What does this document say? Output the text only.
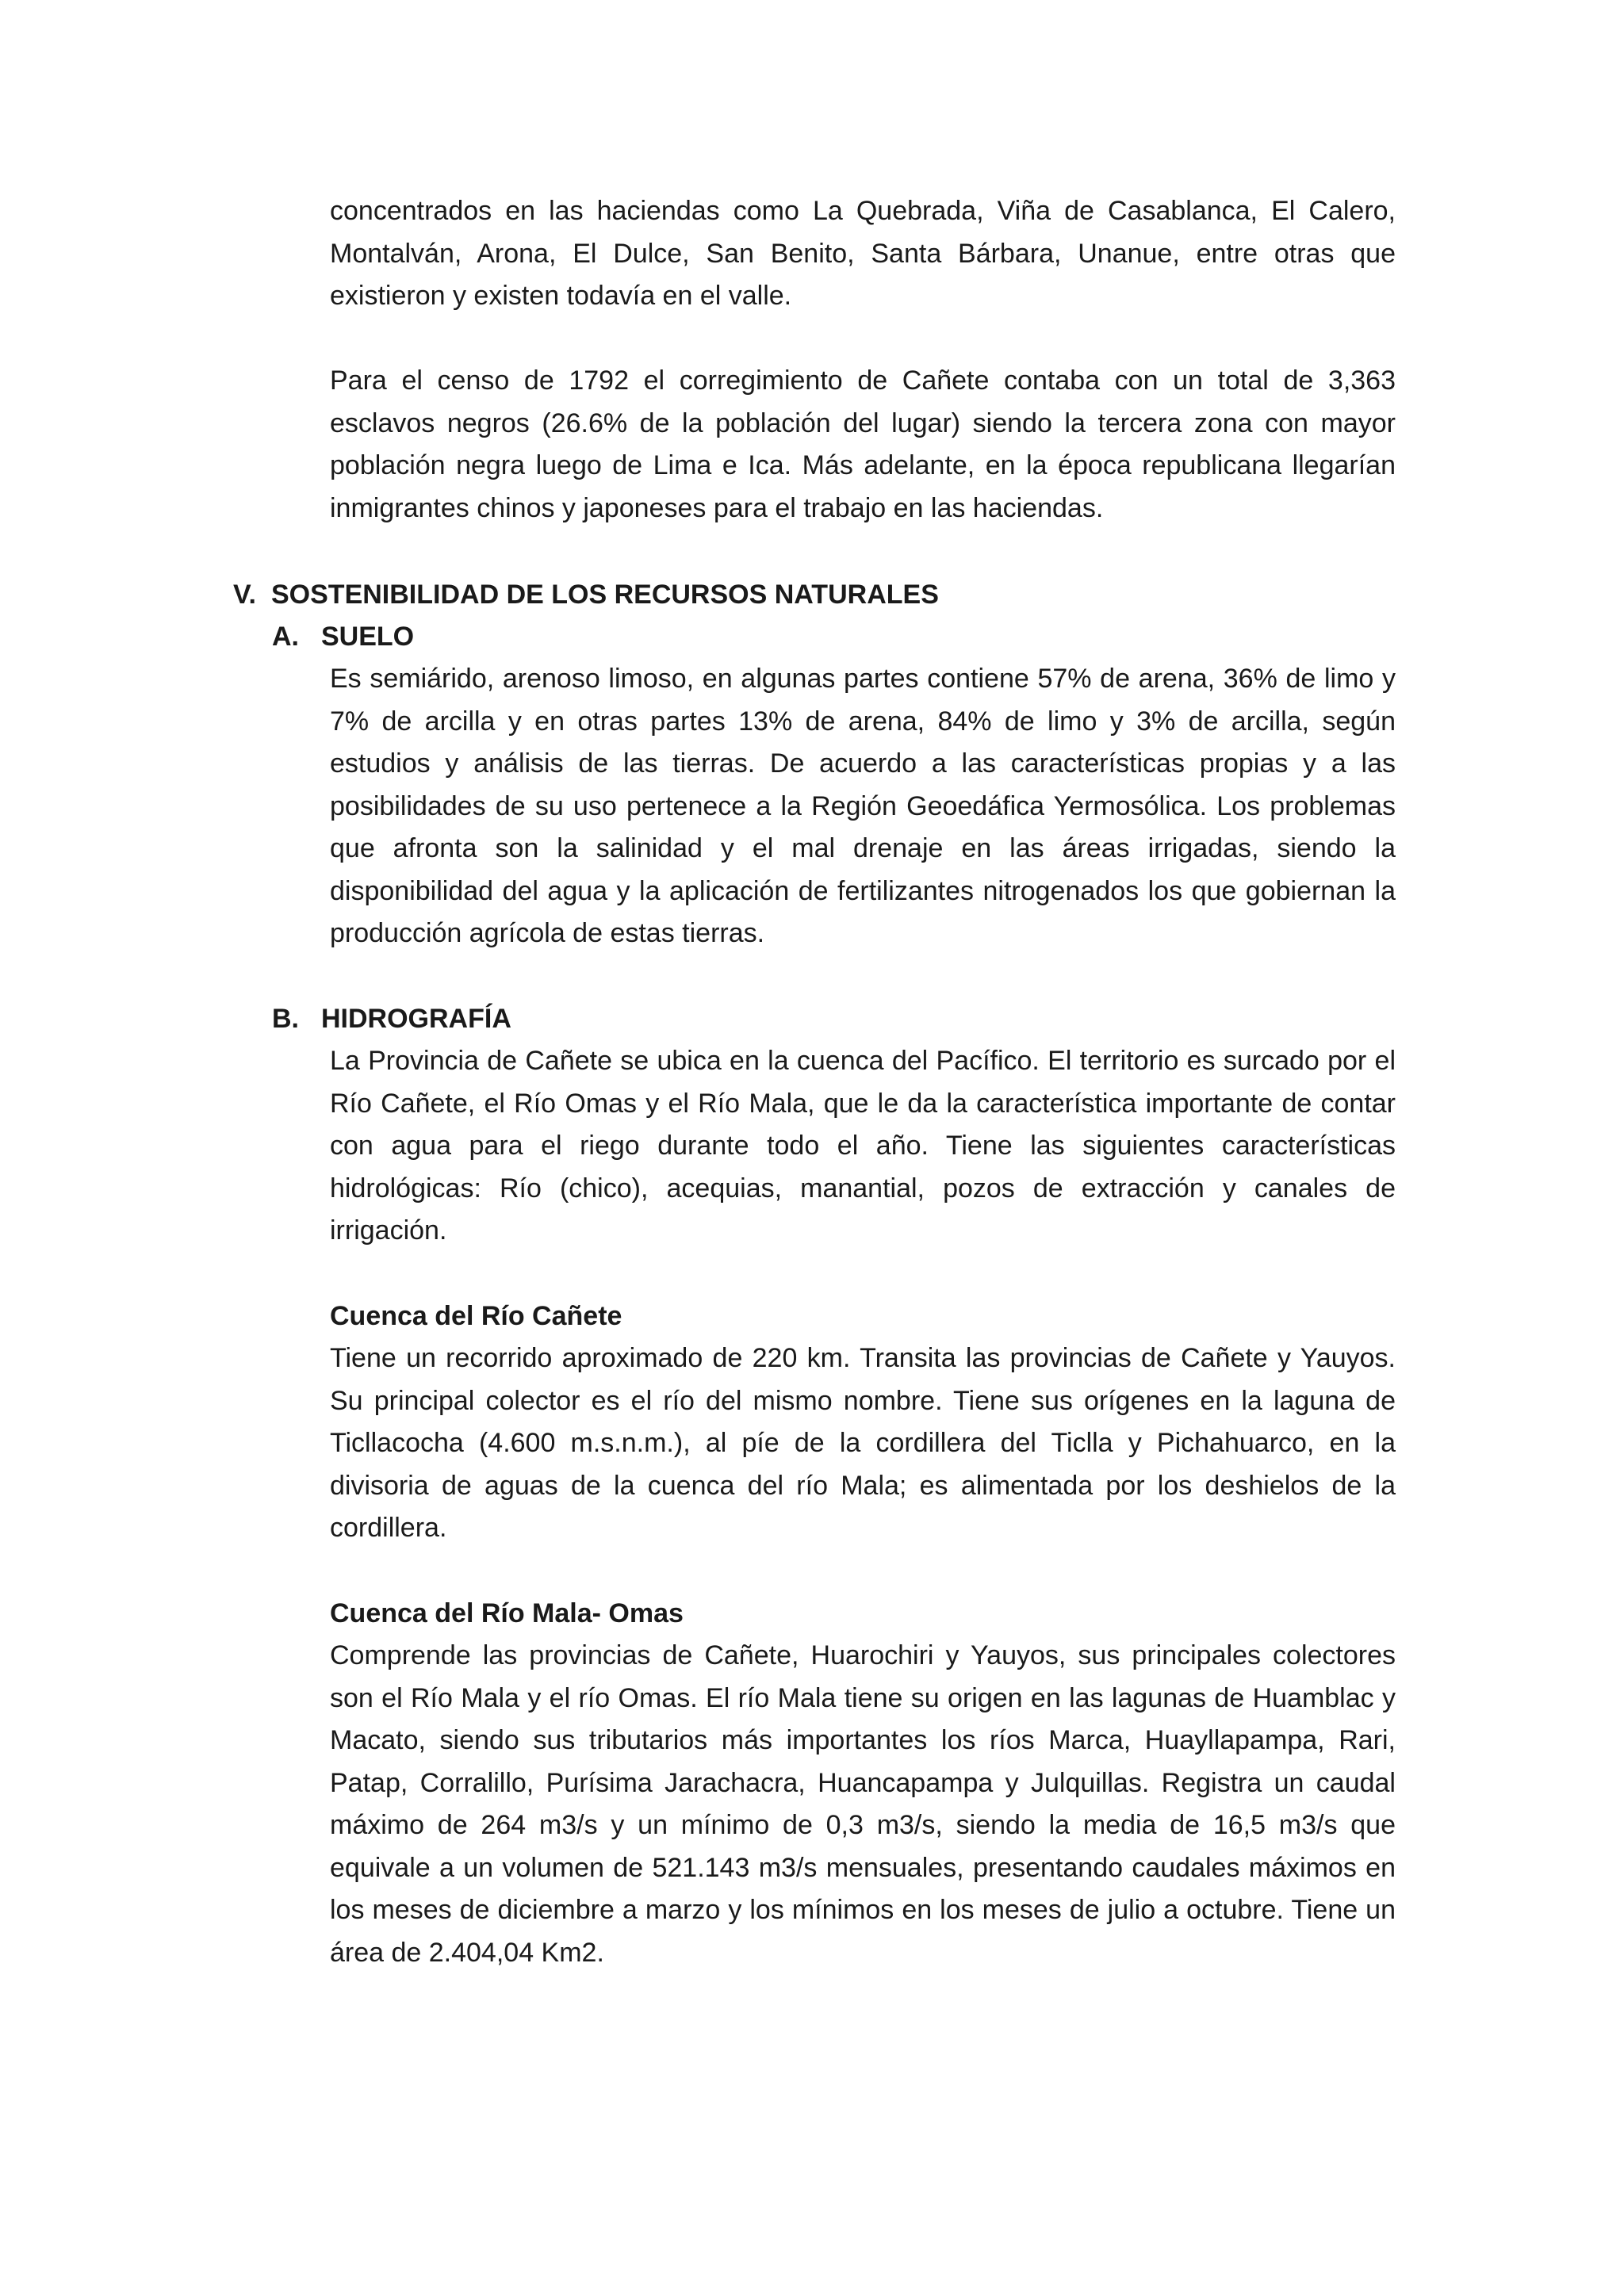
concentrados en las haciendas como La Quebrada, Viña de Casablanca, El Calero, Montalván, Arona, El Dulce, San Benito, Santa Bárbara, Unanue, entre otras que existieron y existen todavía en el valle.

Para el censo de 1792 el corregimiento de Cañete contaba con un total de 3,363 esclavos negros (26.6% de la población del lugar) siendo la tercera zona con mayor población negra luego de Lima e Ica. Más adelante, en la época republicana llegarían inmigrantes chinos y japoneses para el trabajo en las haciendas.

V. SOSTENIBILIDAD DE LOS RECURSOS NATURALES
A. SUELO

Es semiárido, arenoso limoso, en algunas partes contiene 57% de arena, 36% de limo y 7% de arcilla y en otras partes 13% de arena, 84% de limo y 3% de arcilla, según estudios y análisis de las tierras. De acuerdo a las características propias y a las posibilidades de su uso pertenece a la Región Geoedáfica Yermosólica. Los problemas que afronta son la salinidad y el mal drenaje en las áreas irrigadas, siendo la disponibilidad del agua y la aplicación de fertilizantes nitrogenados los que gobiernan la producción agrícola de estas tierras.

B. HIDROGRAFÍA

La Provincia de Cañete se ubica en la cuenca del Pacífico. El territorio es surcado por el Río Cañete, el Río Omas y el Río Mala, que le da la característica importante de contar con agua para el riego durante todo el año. Tiene las siguientes características hidrológicas: Río (chico), acequias, manantial, pozos de extracción y canales de irrigación.

Cuenca del Río Cañete

Tiene un recorrido aproximado de 220 km. Transita las provincias de Cañete y Yauyos. Su principal colector es el río del mismo nombre. Tiene sus orígenes en la laguna de Ticllacocha (4.600 m.s.n.m.), al píe de la cordillera del Ticlla y Pichahuarco, en la divisoria de aguas de la cuenca del río Mala; es alimentada por los deshielos de la cordillera.

Cuenca del Río Mala- Omas

Comprende las provincias de Cañete, Huarochiri y Yauyos, sus principales colectores son el Río Mala y el río Omas. El río Mala tiene su origen en las lagunas de Huamblac y Macato, siendo sus tributarios más importantes los ríos Marca, Huayllapampa, Rari, Patap, Corralillo, Purísima Jarachacra, Huancapampa y Julquillas. Registra un caudal máximo de 264 m3/s y un mínimo de 0,3 m3/s, siendo la media de 16,5 m3/s que equivale a un volumen de 521.143 m3/s mensuales, presentando caudales máximos en los meses de diciembre a marzo y los mínimos en los meses de julio a octubre. Tiene un área de 2.404,04 Km2.
